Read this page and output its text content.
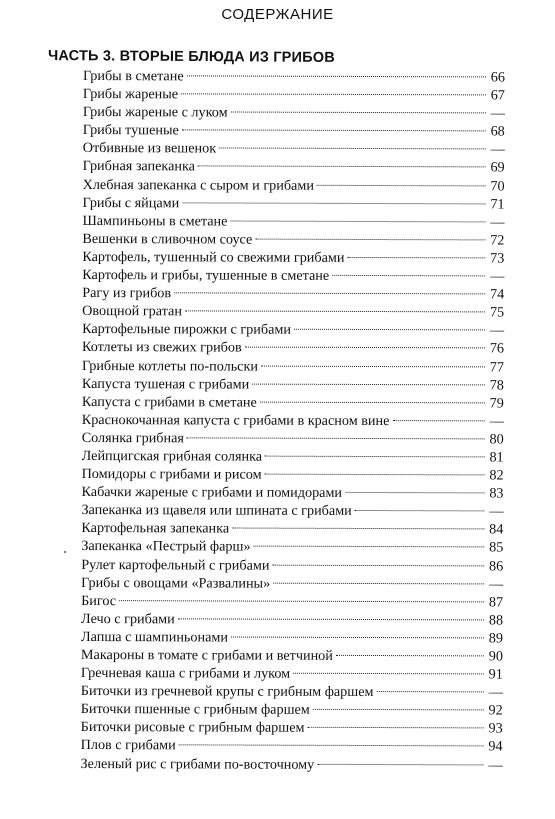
СОДЕРЖАНИЕ
ЧАСТЬ 3. ВТОРЫЕ БЛЮДА ИЗ ГРИБОВ
Грибы в сметане	66
Грибы жареные	67
Грибы жареные с луком	—
Грибы тушеные	68
Отбивные из вешенок	—
Грибная запеканка	69
Хлебная запеканка с сыром и грибами	70
Грибы с яйцами	71
Шампиньоны в сметане	—
Вешенки в сливочном соусе	72
Картофель, тушенный со свежими грибами	73
Картофель и грибы, тушенные в сметане	—
Рагу из грибов	74
Овощной гратан	75
Картофельные пирожки с грибами	—
Котлеты из свежих грибов	76
Грибные котлеты по-польски	77
Капуста тушеная с грибами	78
Капуста с грибами в сметане	79
Краснокочанная капуста с грибами в красном вине	—
Солянка грибная	80
Лейпцигская грибная солянка	81
Помидоры с грибами и рисом	82
Кабачки жареные с грибами и помидорами	83
Запеканка из щавеля или шпината с грибами	—
Картофельная запеканка	84
Запеканка «Пестрый фарш»	85
Рулет картофельный с грибами	86
Грибы с овощами «Развалины»	—
Бигос	87
Лечо с грибами	88
Лапша с шампиньонами	89
Макароны в томате с грибами и ветчиной	90
Гречневая каша с грибами и луком	91
Биточки из гречневой крупы с грибным фаршем	—
Биточки пшенные с грибным фаршем	92
Биточки рисовые с грибным фаршем	93
Плов с грибами	94
Зеленый рис с грибами по-восточному	—
